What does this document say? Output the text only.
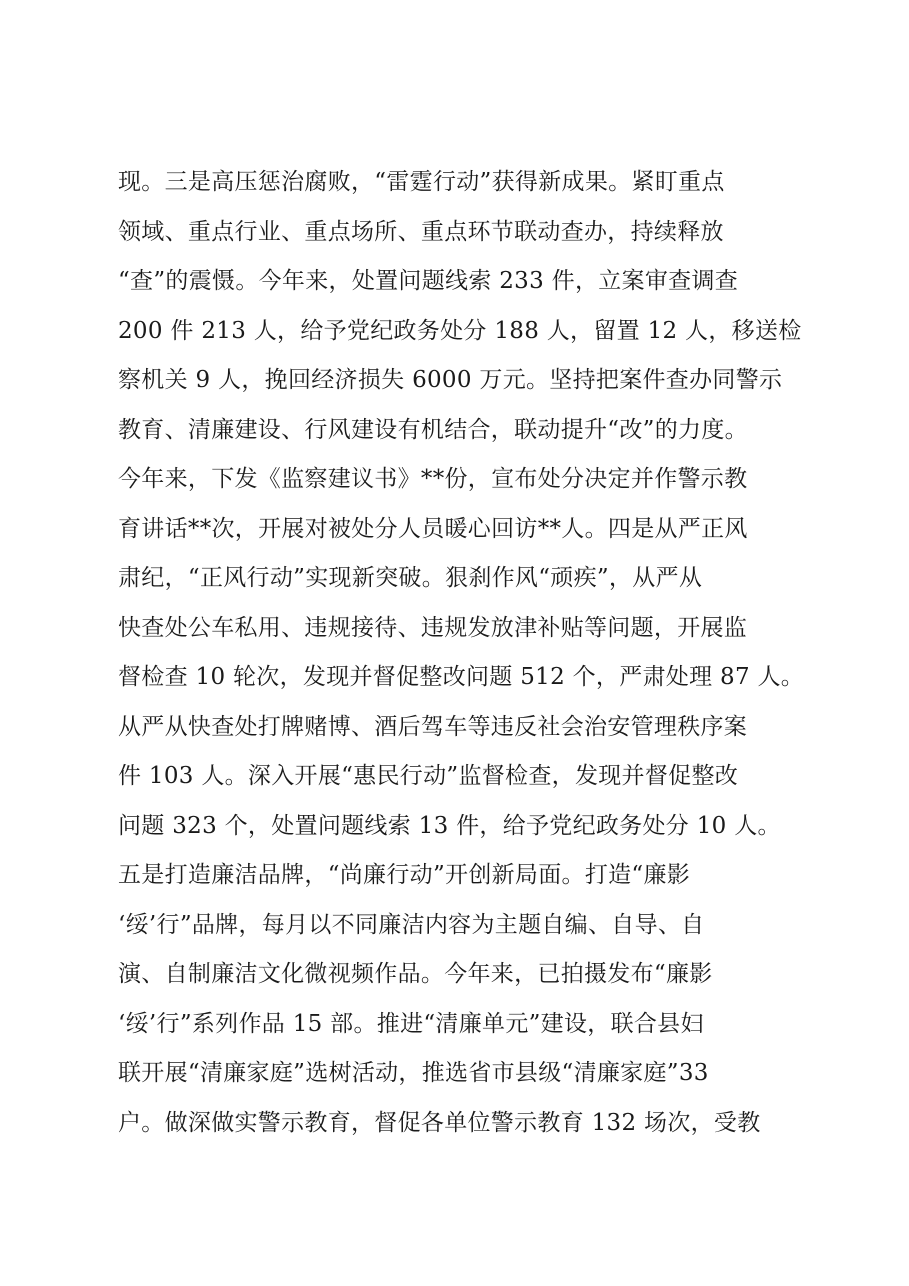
现。三是高压惩治腐败，“雷霆行动”获得新成果。紧盯重点
领域、重点行业、重点场所、重点环节联动查办，持续释放
“查”的震慑。今年来，处置问题线索 233 件，立案审查调查
200 件 213 人，给予党纪政务处分 188 人，留置 12 人，移送检
察机关 9 人，挽回经济损失 6000 万元。坚持把案件查办同警示
教育、清廉建设、行风建设有机结合，联动提升“改”的力度。
今年来，下发《监察建议书》**份，宣布处分决定并作警示教
育讲话**次，开展对被处分人员暖心回访**人。四是从严正风
肃纪，“正风行动”实现新突破。狠刹作风“顽疾”，从严从
快查处公车私用、违规接待、违规发放津补贴等问题，开展监
督检查 10 轮次，发现并督促整改问题 512 个，严肃处理 87 人。
从严从快查处打牌赌博、酒后驾车等违反社会治安管理秩序案
件 103 人。深入开展“惠民行动”监督检查，发现并督促整改
问题 323 个，处置问题线索 13 件，给予党纪政务处分 10 人。
五是打造廉洁品牌，“尚廉行动”开创新局面。打造“廉影
‘绥’行”品牌，每月以不同廉洁内容为主题自编、自导、自
演、自制廉洁文化微视频作品。今年来，已拍摄发布“廉影
‘绥’行”系列作品 15 部。推进“清廉单元”建设，联合县妇
联开展“清廉家庭”选树活动，推选省市县级“清廉家庭”33
户。做深做实警示教育，督促各单位警示教育 132 场次，受教
